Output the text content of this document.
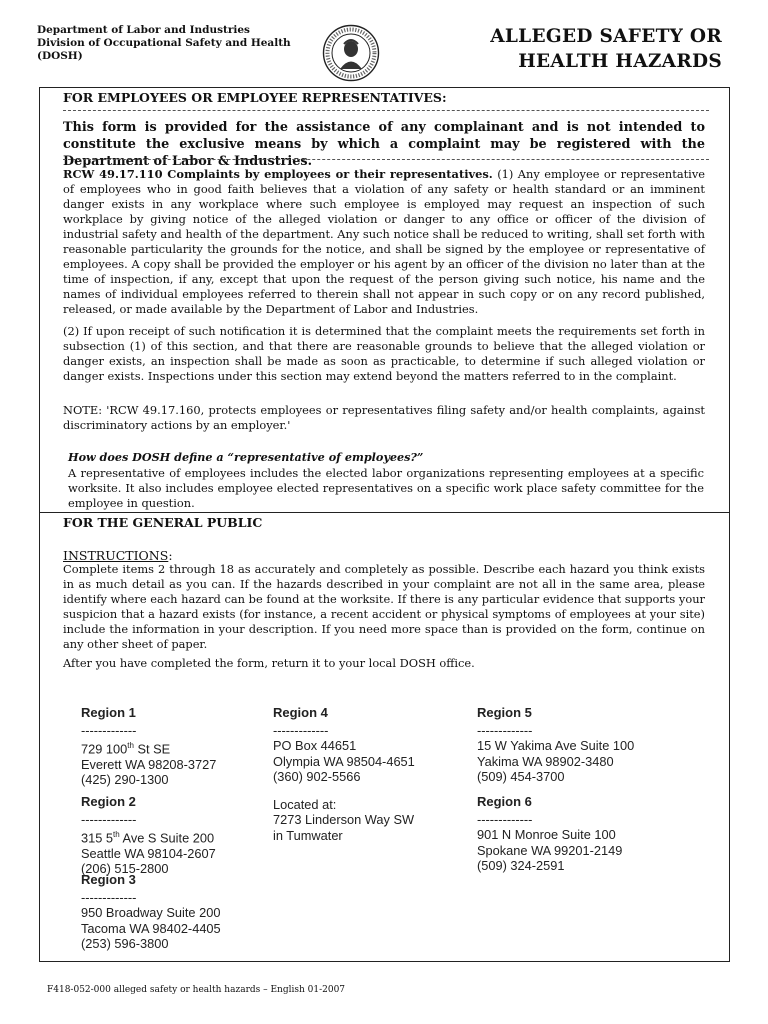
Department of Labor and Industries
Division of Occupational Safety and Health
(DOSH)
ALLEGED SAFETY OR
HEALTH HAZARDS
FOR EMPLOYEES OR EMPLOYEE REPRESENTATIVES:
This form is provided for the assistance of any complainant and is not intended to constitute the exclusive means by which a complaint may be registered with the Department of Labor & Industries.
RCW 49.17.110 Complaints by employees or their representatives. (1) Any employee or representative of employees who in good faith believes that a violation of any safety or health standard or an imminent danger exists in any workplace where such employee is employed may request an inspection of such workplace by giving notice of the alleged violation or danger to any office or officer of the division of industrial safety and health of the department. Any such notice shall be reduced to writing, shall set forth with reasonable particularity the grounds for the notice, and shall be signed by the employee or representative of employees. A copy shall be provided the employer or his agent by an officer of the division no later than at the time of inspection, if any, except that upon the request of the person giving such notice, his name and the names of individual employees referred to therein shall not appear in such copy or on any record published, released, or made available by the Department of Labor and Industries.
(2) If upon receipt of such notification it is determined that the complaint meets the requirements set forth in subsection (1) of this section, and that there are reasonable grounds to believe that the alleged violation or danger exists, an inspection shall be made as soon as practicable, to determine if such alleged violation or danger exists. Inspections under this section may extend beyond the matters referred to in the complaint.
NOTE: 'RCW 49.17.160, protects employees or representatives filing safety and/or health complaints, against discriminatory actions by an employer.'
How does DOSH define a “representative of employees?”
A representative of employees includes the elected labor organizations representing employees at a specific worksite. It also includes employee elected representatives on a specific work place safety committee for the employee in question.
FOR THE GENERAL PUBLIC
INSTRUCTIONS:
Complete items 2 through 18 as accurately and completely as possible. Describe each hazard you think exists in as much detail as you can. If the hazards described in your complaint are not all in the same area, please identify where each hazard can be found at the worksite. If there is any particular evidence that supports your suspicion that a hazard exists (for instance, a recent accident or physical symptoms of employees at your site) include the information in your description. If you need more space than is provided on the form, continue on any other sheet of paper.
After you have completed the form, return it to your local DOSH office.
Region 1
-------------
729 100th St SE
Everett WA 98208-3727
(425) 290-1300
Region 2
-------------
315 5th Ave S Suite 200
Seattle WA 98104-2607
(206) 515-2800
Region 3
-------------
950 Broadway Suite 200
Tacoma WA 98402-4405
(253) 596-3800
Region 4
-------------
PO Box 44651
Olympia WA 98504-4651
(360) 902-5566
Located at:
7273 Linderson Way SW
in Tumwater
Region 5
-------------
15 W Yakima Ave Suite 100
Yakima WA 98902-3480
(509) 454-3700
Region 6
-------------
901 N Monroe Suite 100
Spokane WA 99201-2149
(509) 324-2591
F418-052-000 alleged safety or health hazards – English 01-2007
